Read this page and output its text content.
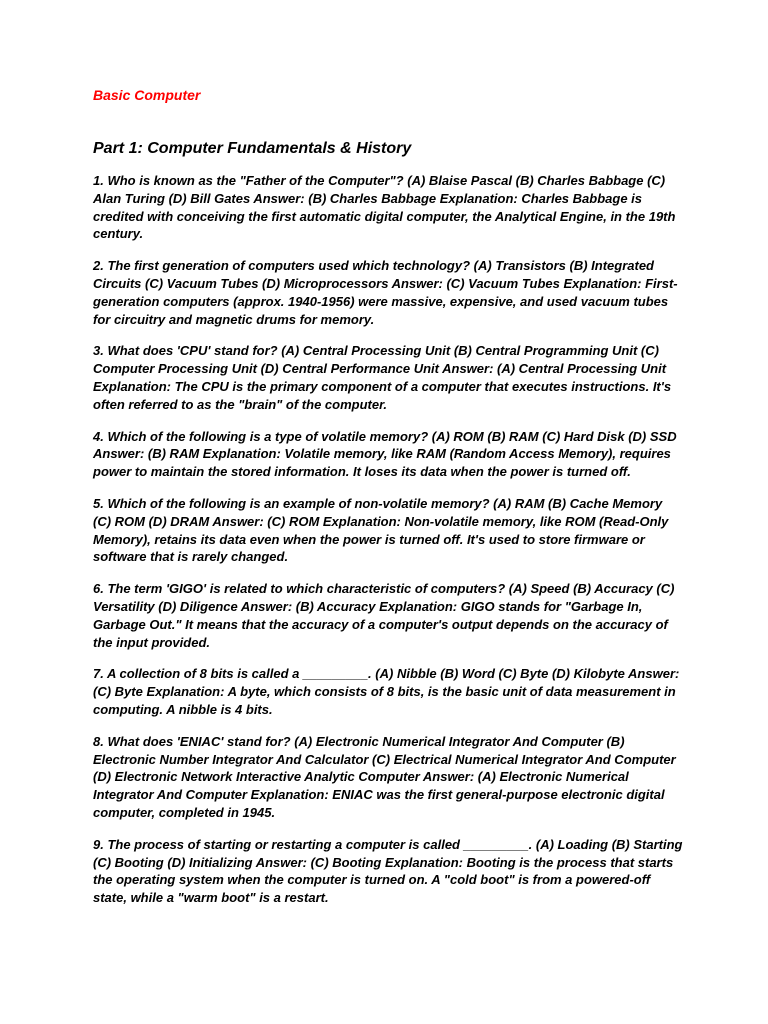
Basic Computer

Part 1: Computer Fundamentals & History

1. Who is known as the "Father of the Computer"? (A) Blaise Pascal (B) Charles Babbage (C) Alan Turing (D) Bill Gates Answer: (B) Charles Babbage Explanation: Charles Babbage is credited with conceiving the first automatic digital computer, the Analytical Engine, in the 19th century.

2. The first generation of computers used which technology? (A) Transistors (B) Integrated Circuits (C) Vacuum Tubes (D) Microprocessors Answer: (C) Vacuum Tubes Explanation: First-generation computers (approx. 1940-1956) were massive, expensive, and used vacuum tubes for circuitry and magnetic drums for memory.

3. What does 'CPU' stand for? (A) Central Processing Unit (B) Central Programming Unit (C) Computer Processing Unit (D) Central Performance Unit Answer: (A) Central Processing Unit Explanation: The CPU is the primary component of a computer that executes instructions. It's often referred to as the "brain" of the computer.

4. Which of the following is a type of volatile memory? (A) ROM (B) RAM (C) Hard Disk (D) SSD Answer: (B) RAM Explanation: Volatile memory, like RAM (Random Access Memory), requires power to maintain the stored information. It loses its data when the power is turned off.

5. Which of the following is an example of non-volatile memory? (A) RAM (B) Cache Memory (C) ROM (D) DRAM Answer: (C) ROM Explanation: Non-volatile memory, like ROM (Read-Only Memory), retains its data even when the power is turned off. It's used to store firmware or software that is rarely changed.

6. The term 'GIGO' is related to which characteristic of computers? (A) Speed (B) Accuracy (C) Versatility (D) Diligence Answer: (B) Accuracy Explanation: GIGO stands for "Garbage In, Garbage Out." It means that the accuracy of a computer's output depends on the accuracy of the input provided.

7. A collection of 8 bits is called a _________. (A) Nibble (B) Word (C) Byte (D) Kilobyte Answer: (C) Byte Explanation: A byte, which consists of 8 bits, is the basic unit of data measurement in computing. A nibble is 4 bits.

8. What does 'ENIAC' stand for? (A) Electronic Numerical Integrator And Computer (B) Electronic Number Integrator And Calculator (C) Electrical Numerical Integrator And Computer (D) Electronic Network Interactive Analytic Computer Answer: (A) Electronic Numerical Integrator And Computer Explanation: ENIAC was the first general-purpose electronic digital computer, completed in 1945.

9. The process of starting or restarting a computer is called _________. (A) Loading (B) Starting (C) Booting (D) Initializing Answer: (C) Booting Explanation: Booting is the process that starts the operating system when the computer is turned on. A "cold boot" is from a powered-off state, while a "warm boot" is a restart.
